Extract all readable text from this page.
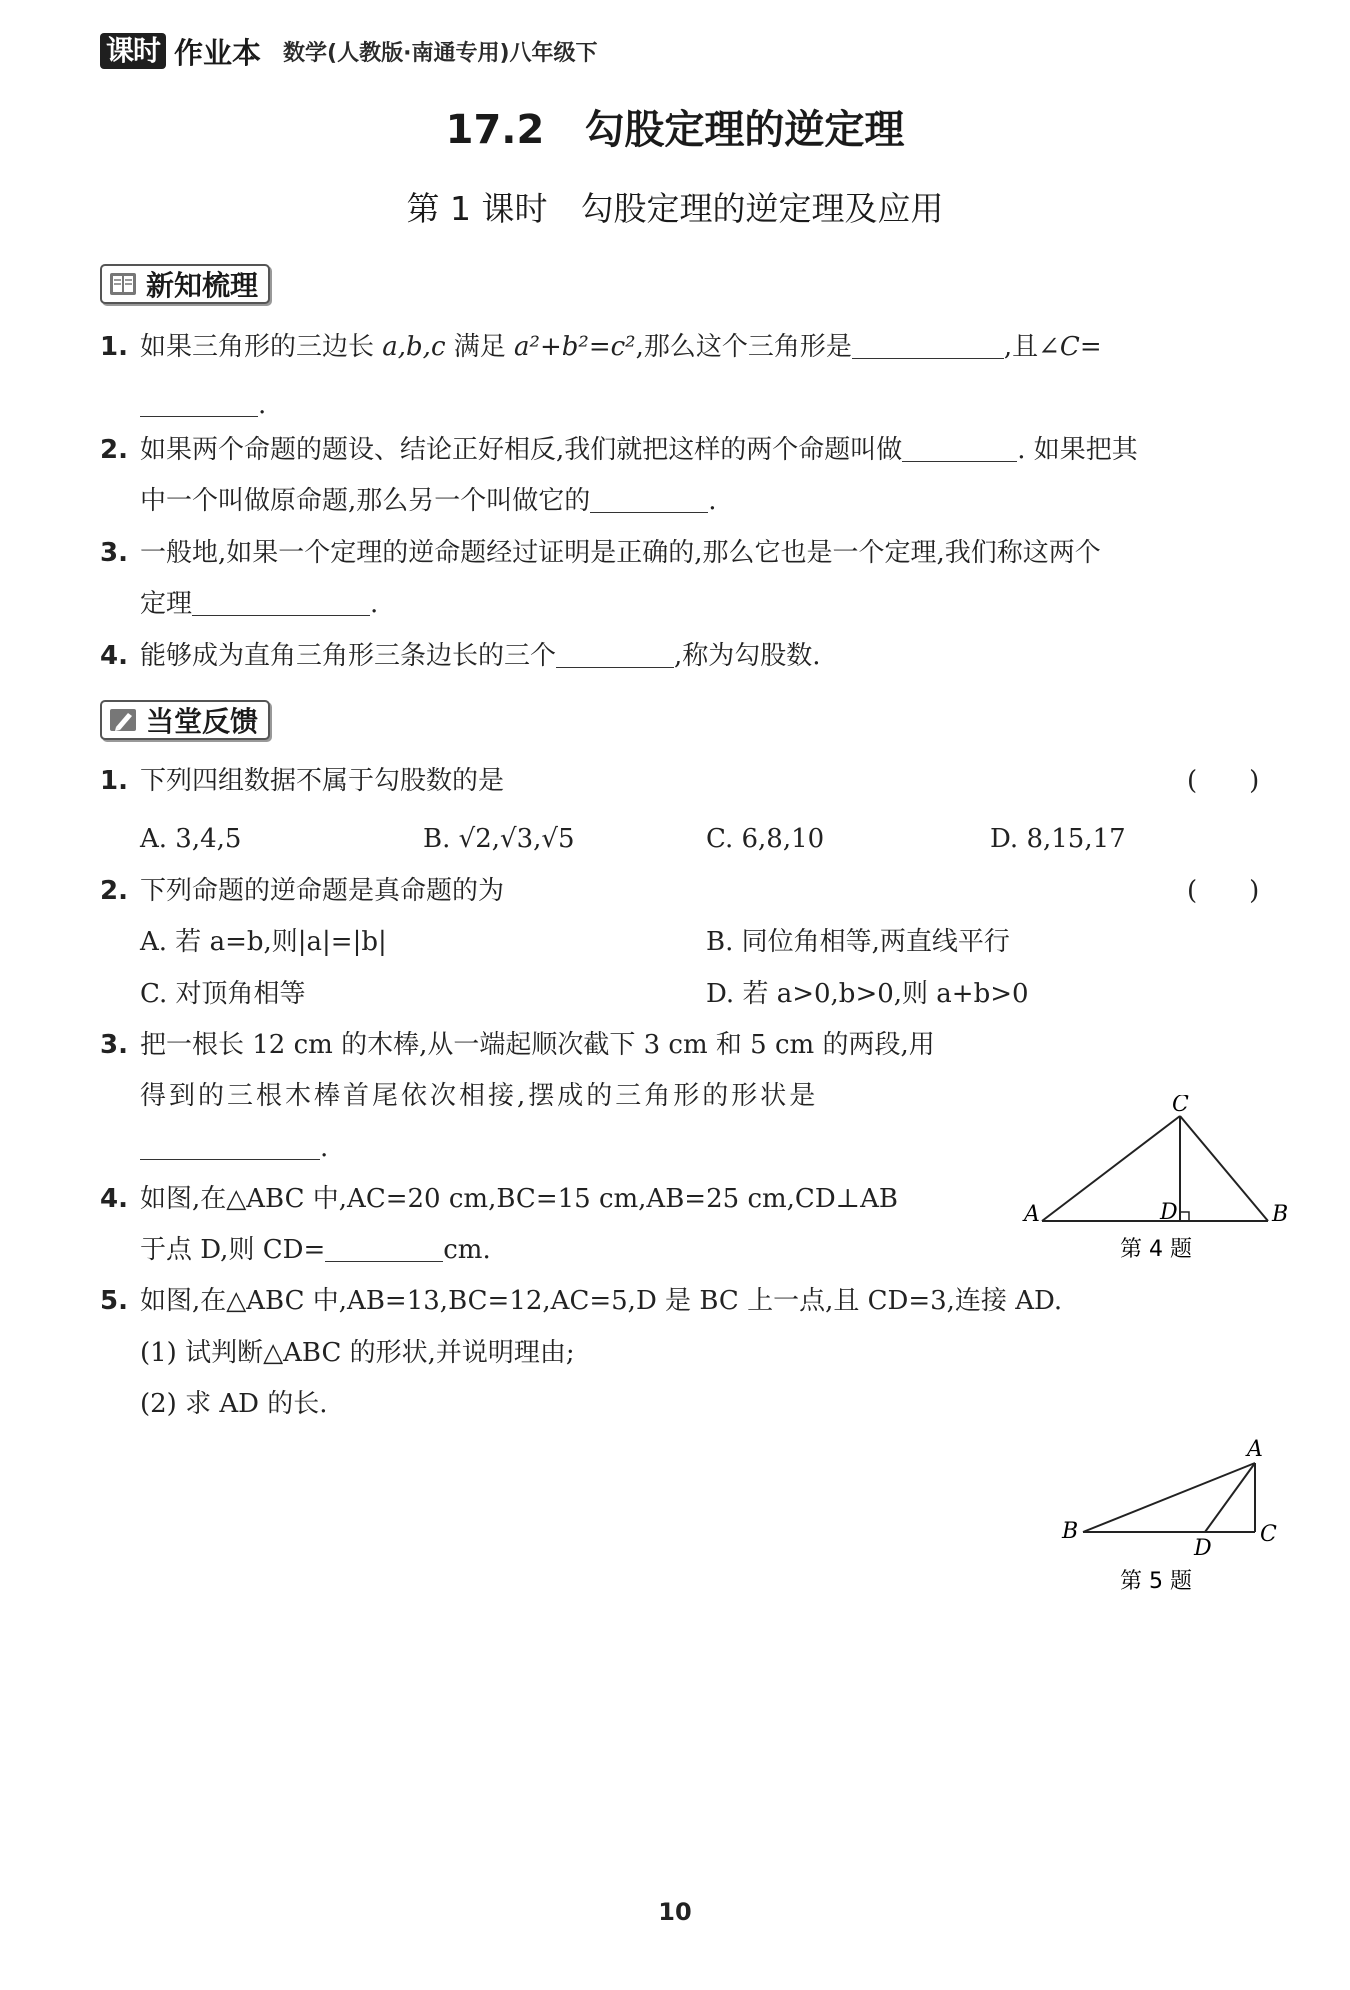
课时 作业本 数学(人教版·南通专用)八年级下
17.2　勾股定理的逆定理
第 1 课时　勾股定理的逆定理及应用
新知梳理
1. 如果三角形的三边长 a,b,c 满足 a²+b²=c²,那么这个三角形是	,且∠C=
.
2. 如果两个命题的题设、结论正好相反,我们就把这样的两个命题叫做	. 如果把其
中一个叫做原命题,那么另一个叫做它的	.
3. 一般地,如果一个定理的逆命题经过证明是正确的,那么它也是一个定理,我们称这两个
定理	.
4. 能够成为直角三角形三条边长的三个	,称为勾股数.
当堂反馈
1. 下列四组数据不属于勾股数的是	(　　)
A. 3,4,5	B. √2,√3,√5	C. 6,8,10	D. 8,15,17
2. 下列命题的逆命题是真命题的为	(　　)
A. 若 a=b,则|a|=|b|	B. 同位角相等,两直线平行
C. 对顶角相等	D. 若 a>0,b>0,则 a+b>0
3. 把一根长 12 cm 的木棒,从一端起顺次截下 3 cm 和 5 cm 的两段,用
得到的三根木棒首尾依次相接,摆成的三角形的形状是
.
4. 如图,在△ABC 中,AC=20 cm,BC=15 cm,AB=25 cm,CD⊥AB
于点 D,则 CD=	cm.
A	B
C
D
第 4 题
5. 如图,在△ABC 中,AB=13,BC=12,AC=5,D 是 BC 上一点,且 CD=3,连接 AD.
(1) 试判断△ABC 的形状,并说明理由;
(2) 求 AD 的长.
B	C
A
D
第 5 题
10
